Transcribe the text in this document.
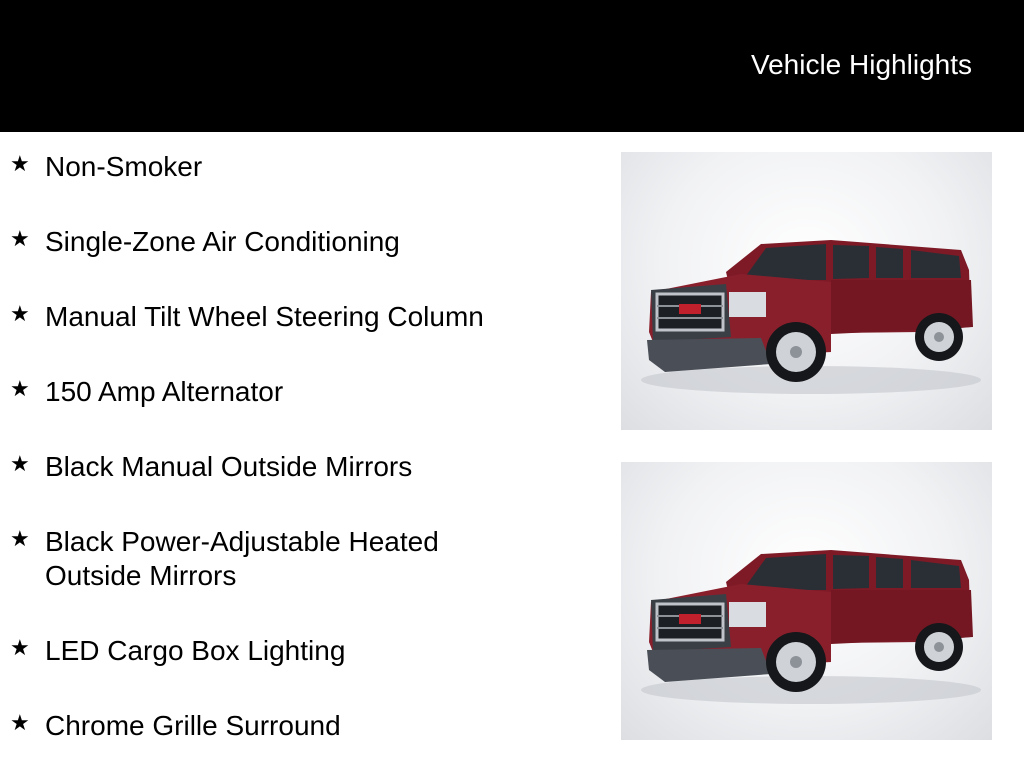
Vehicle Highlights
★ Non-Smoker
★ Single-Zone Air Conditioning
★ Manual Tilt Wheel Steering Column
★ 150 Amp Alternator
★ Black Manual Outside Mirrors
★ Black Power-Adjustable Heated Outside Mirrors
★ LED Cargo Box Lighting
★ Chrome Grille Surround
